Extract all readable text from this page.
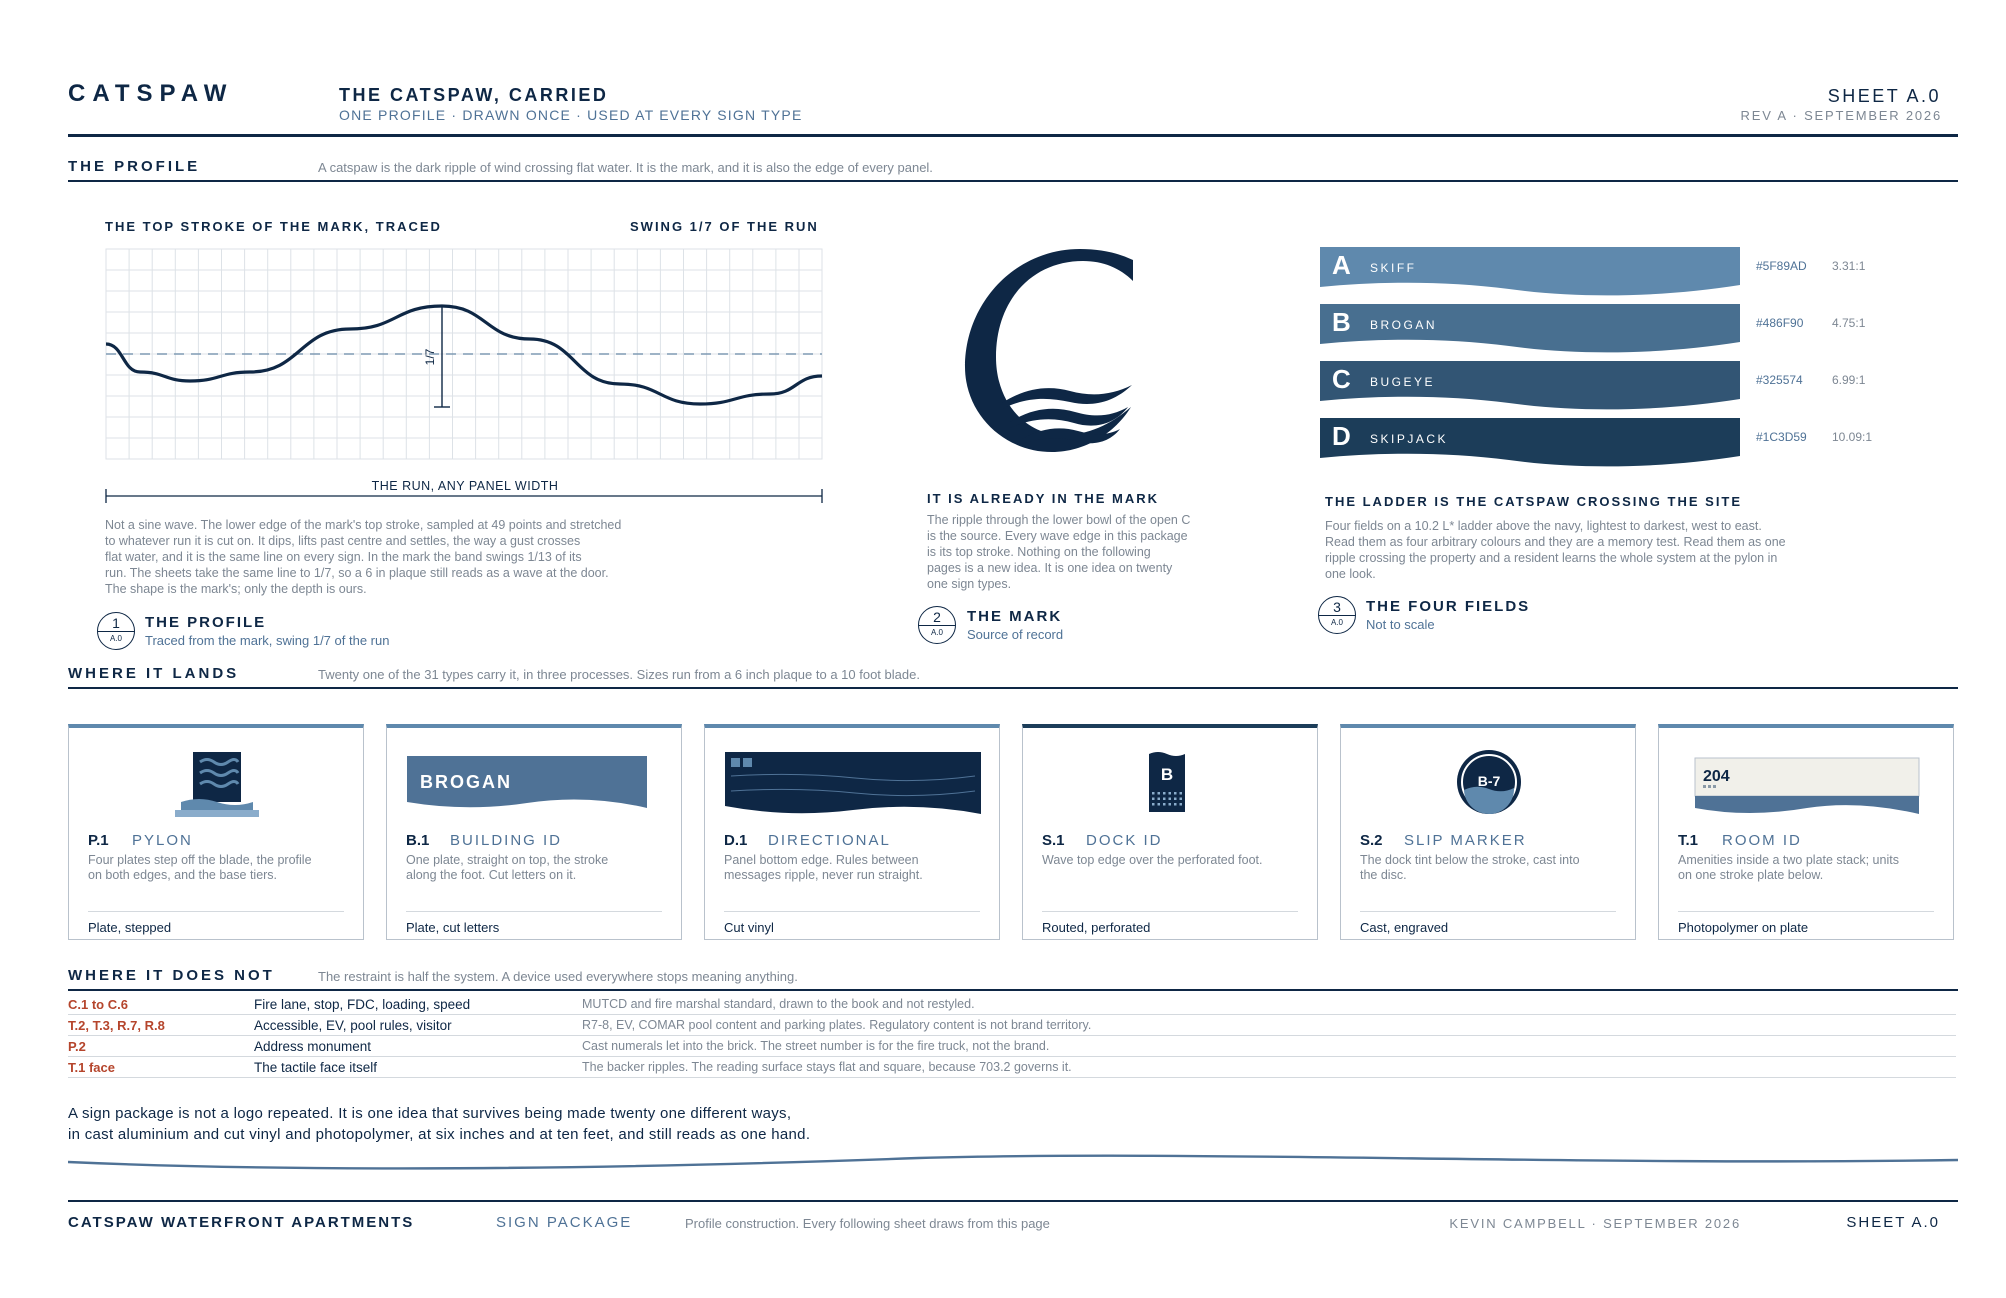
CATSPAW	THE CATSPAW, CARRIED
ONE PROFILE · DRAWN ONCE · USED AT EVERY SIGN TYPE
SHEET A.0
REV A · SEPTEMBER 2026
THE PROFILE	A catspaw is the dark ripple of wind crossing flat water. It is the mark, and it is also the edge of every panel.
THE TOP STROKE OF THE MARK, TRACED	SWING 1/7 OF THE RUN
1/7
THE RUN, ANY PANEL WIDTH
Not a sine wave. The lower edge of the mark's top stroke, sampled at 49 points and stretched
to whatever run it is cut on. It dips, lifts past centre and settles, the way a gust crosses
flat water, and it is the same line on every sign. In the mark the band swings 1/13 of its
run. The sheets take the same line to 1/7, so a 6 in plaque still reads as a wave at the door.
The shape is the mark's; only the depth is ours.
1
A.0
THE PROFILE
Traced from the mark, swing 1/7 of the run
IT IS ALREADY IN THE MARK
The ripple through the lower bowl of the open C
is the source. Every wave edge in this package
is its top stroke. Nothing on the following
pages is a new idea. It is one idea on twenty
one sign types.
2
A.0
THE MARK
Source of record
A SKIFF	#5F89AD 3.31:1
B BROGAN	#486F90 4.75:1
C BUGEYE	#325574 6.99:1
D SKIPJACK	#1C3D59 10.09:1
THE LADDER IS THE CATSPAW CROSSING THE SITE
Four fields on a 10.2 L* ladder above the navy, lightest to darkest, west to east.
Read them as four arbitrary colours and they are a memory test. Read them as one
ripple crossing the property and a resident learns the whole system at the pylon in
one look.
3
A.0
THE FOUR FIELDS
Not to scale
WHERE IT LANDS	Twenty one of the 31 types carry it, in three processes. Sizes run from a 6 inch plaque to a 10 foot blade.
P.1 PYLON
Four plates step off the blade, the profile on both edges, and the base tiers.
Plate, stepped
BROGAN
B.1 BUILDING ID
One plate, straight on top, the stroke along the foot. Cut letters on it.
Plate, cut letters
D.1 DIRECTIONAL
Panel bottom edge. Rules between messages ripple, never run straight.
Cut vinyl
B
S.1 DOCK ID
Wave top edge over the perforated foot.
Routed, perforated
B-7
S.2 SLIP MARKER
The dock tint below the stroke, cast into the disc.
Cast, engraved
204
T.1 ROOM ID
Amenities inside a two plate stack; units on one stroke plate below.
Photopolymer on plate
WHERE IT DOES NOT	The restraint is half the system. A device used everywhere stops meaning anything.
C.1 to C.6	Fire lane, stop, FDC, loading, speed	MUTCD and fire marshal standard, drawn to the book and not restyled.
T.2, T.3, R.7, R.8	Accessible, EV, pool rules, visitor	R7-8, EV, COMAR pool content and parking plates. Regulatory content is not brand territory.
P.2	Address monument	Cast numerals let into the brick. The street number is for the fire truck, not the brand.
T.1 face	The tactile face itself	The backer ripples. The reading surface stays flat and square, because 703.2 governs it.
A sign package is not a logo repeated. It is one idea that survives being made twenty one different ways,
in cast aluminium and cut vinyl and photopolymer, at six inches and at ten feet, and still reads as one hand.
CATSPAW WATERFRONT APARTMENTS	SIGN PACKAGE	Profile construction. Every following sheet draws from this page	KEVIN CAMPBELL · SEPTEMBER 2026	SHEET A.0
